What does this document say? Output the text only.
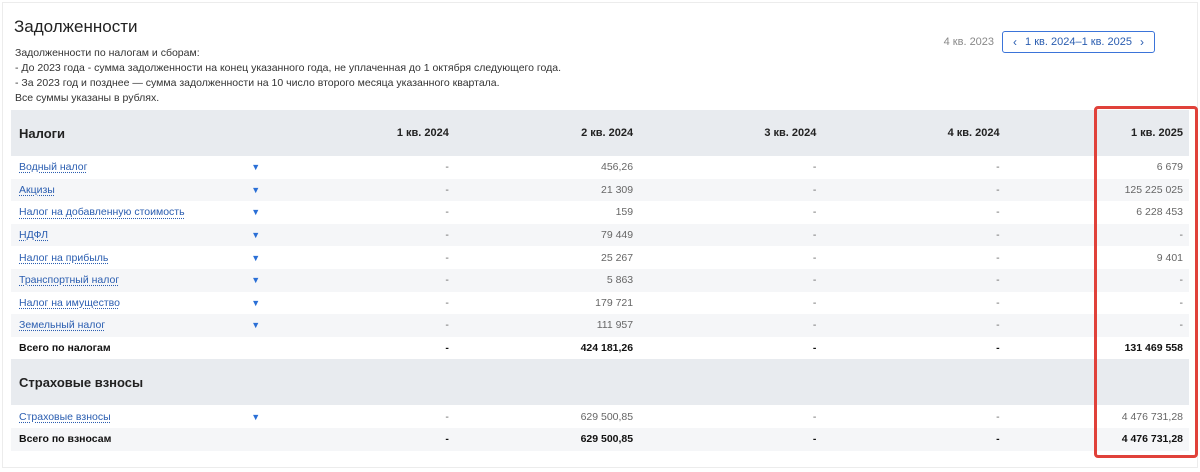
Задолженности
Задолженности по налогам и сборам:
- До 2023 года - сумма задолженности на конец указанного года, не уплаченная до 1 октября следующего года.
- За 2023 год и позднее — сумма задолженности на 10 число второго месяца указанного квартала.
Все суммы указаны в рублях.
4 кв. 2023	‹ 1 кв. 2024–1 кв. 2025 ›
Налоги		1 кв. 2024	2 кв. 2024	3 кв. 2024	4 кв. 2024	1 кв. 2025
Водный налог	▼	-	456,26	-	-	6 679
Акцизы	▼	-	21 309	-	-	125 225 025
Налог на добавленную стоимость	▼	-	159	-	-	6 228 453
НДФЛ	▼	-	79 449	-	-	-
Налог на прибыль	▼	-	25 267	-	-	9 401
Транспортный налог	▼	-	5 863	-	-	-
Налог на имущество	▼	-	179 721	-	-	-
Земельный налог	▼	-	111 957	-	-	-
Всего по налогам		-	424 181,26	-	-	131 469 558
Страховые взносы						
Страховые взносы	▼	-	629 500,85	-	-	4 476 731,28
Всего по взносам		-	629 500,85	-	-	4 476 731,28
